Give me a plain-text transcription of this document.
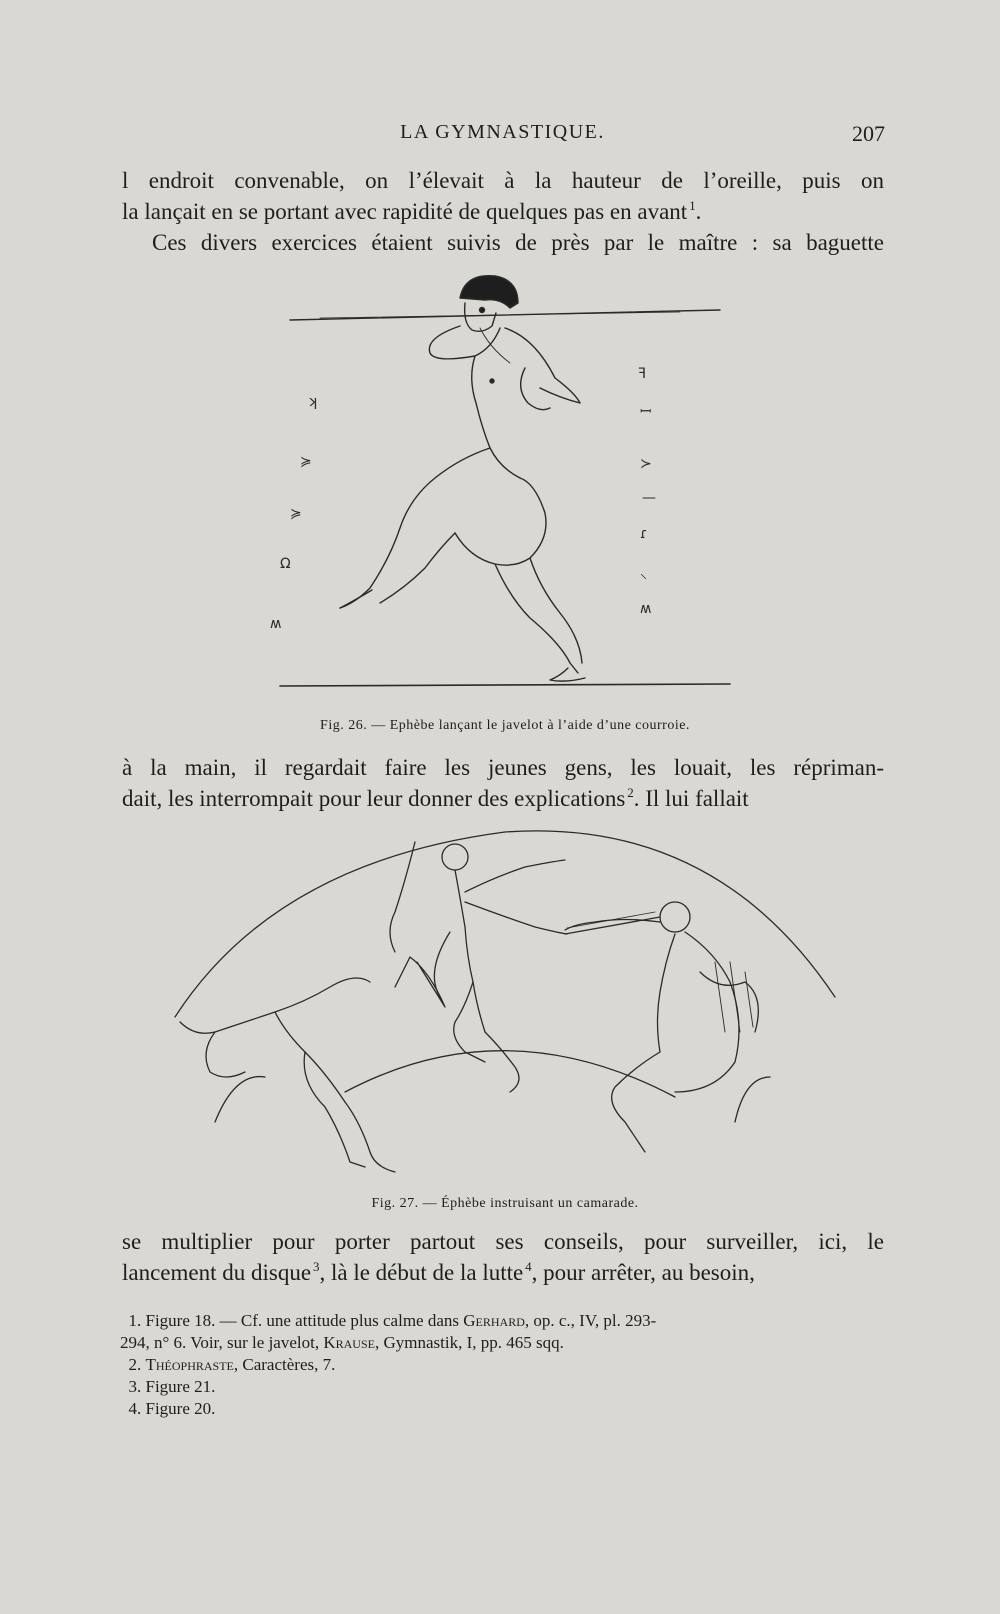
LA GYMNASTIQUE.	207
l endroit convenable, on l’élevait à la hauteur de l’oreille, puis on
la lançait en se portant avec rapidité de quelques pas en avant  $^1$.
Ces divers exercices étaient suivis de près par le maître : sa baguette
ʞ
≽
≽
Ω
ʍ
ꟻ
ꟷ
≻
—
ɾ
⸜
ʍ
Fig. 26. — Ephèbe lançant le javelot à l’aide d’une courroie.
à la main, il regardait faire les jeunes gens, les louait, les répriman-
dait, les interrompait pour leur donner des explications  $^2$. Il lui fallait
Fig. 27. — Éphèbe instruisant un camarade.
se multiplier pour porter partout ses conseils, pour surveiller, ici, le
lancement du disque  $^3$, là le début de la lutte  $^4$, pour arrêter, au besoin,
1. Figure 18. — Cf. une attitude plus calme dans Gerhard, op. c., IV, pl. 293-
294, n° 6. Voir, sur le javelot, Krause, Gymnastik, I, pp. 465 sqq.
2. Théophraste, Caractères, 7.
3. Figure 21.
4. Figure 20.
